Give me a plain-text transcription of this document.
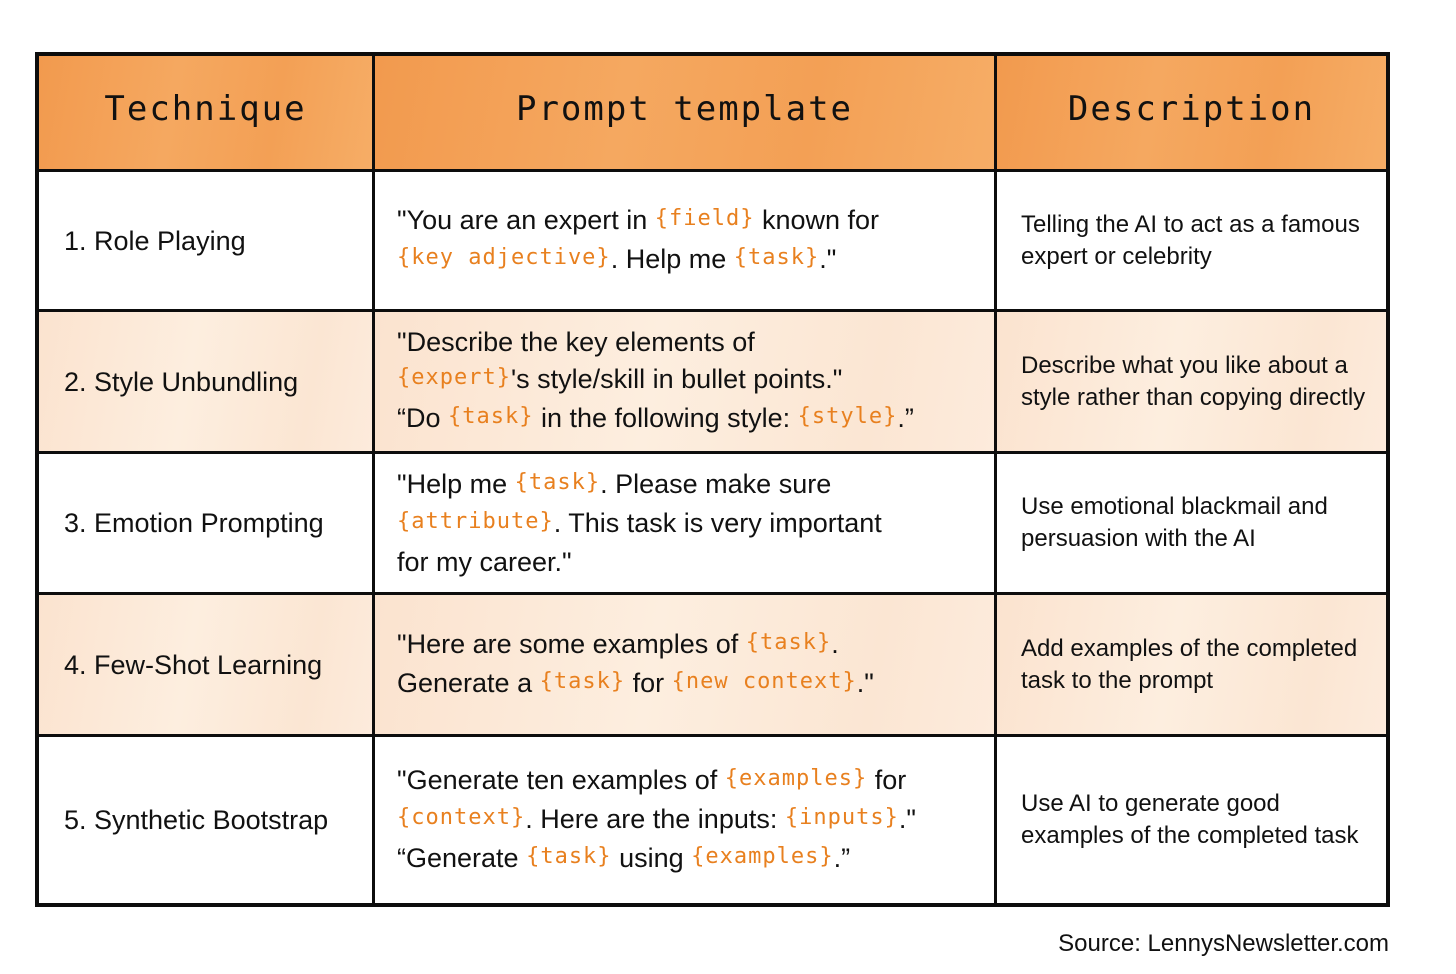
Technique	Prompt template	Description
1. Role Playing
"You are an expert in {field} known for
{key adjective}. Help me {task}."
Telling the AI to act as a famous expert or celebrity
2. Style Unbundling
"Describe the key elements of
{expert}'s style/skill in bullet points."
“Do {task} in the following style: {style}.”
Describe what you like about a style rather than copying directly
3. Emotion Prompting
"Help me {task}. Please make sure
{attribute}. This task is very important
for my career."
Use emotional blackmail and persuasion with the AI
4. Few-Shot Learning
"Here are some examples of {task}.
Generate a {task} for {new context}."
Add examples of the completed task to the prompt
5. Synthetic Bootstrap
"Generate ten examples of {examples} for
{context}. Here are the inputs: {inputs}."
“Generate {task} using {examples}.”
Use AI to generate good examples of the completed task
Source: LennysNewsletter.com
